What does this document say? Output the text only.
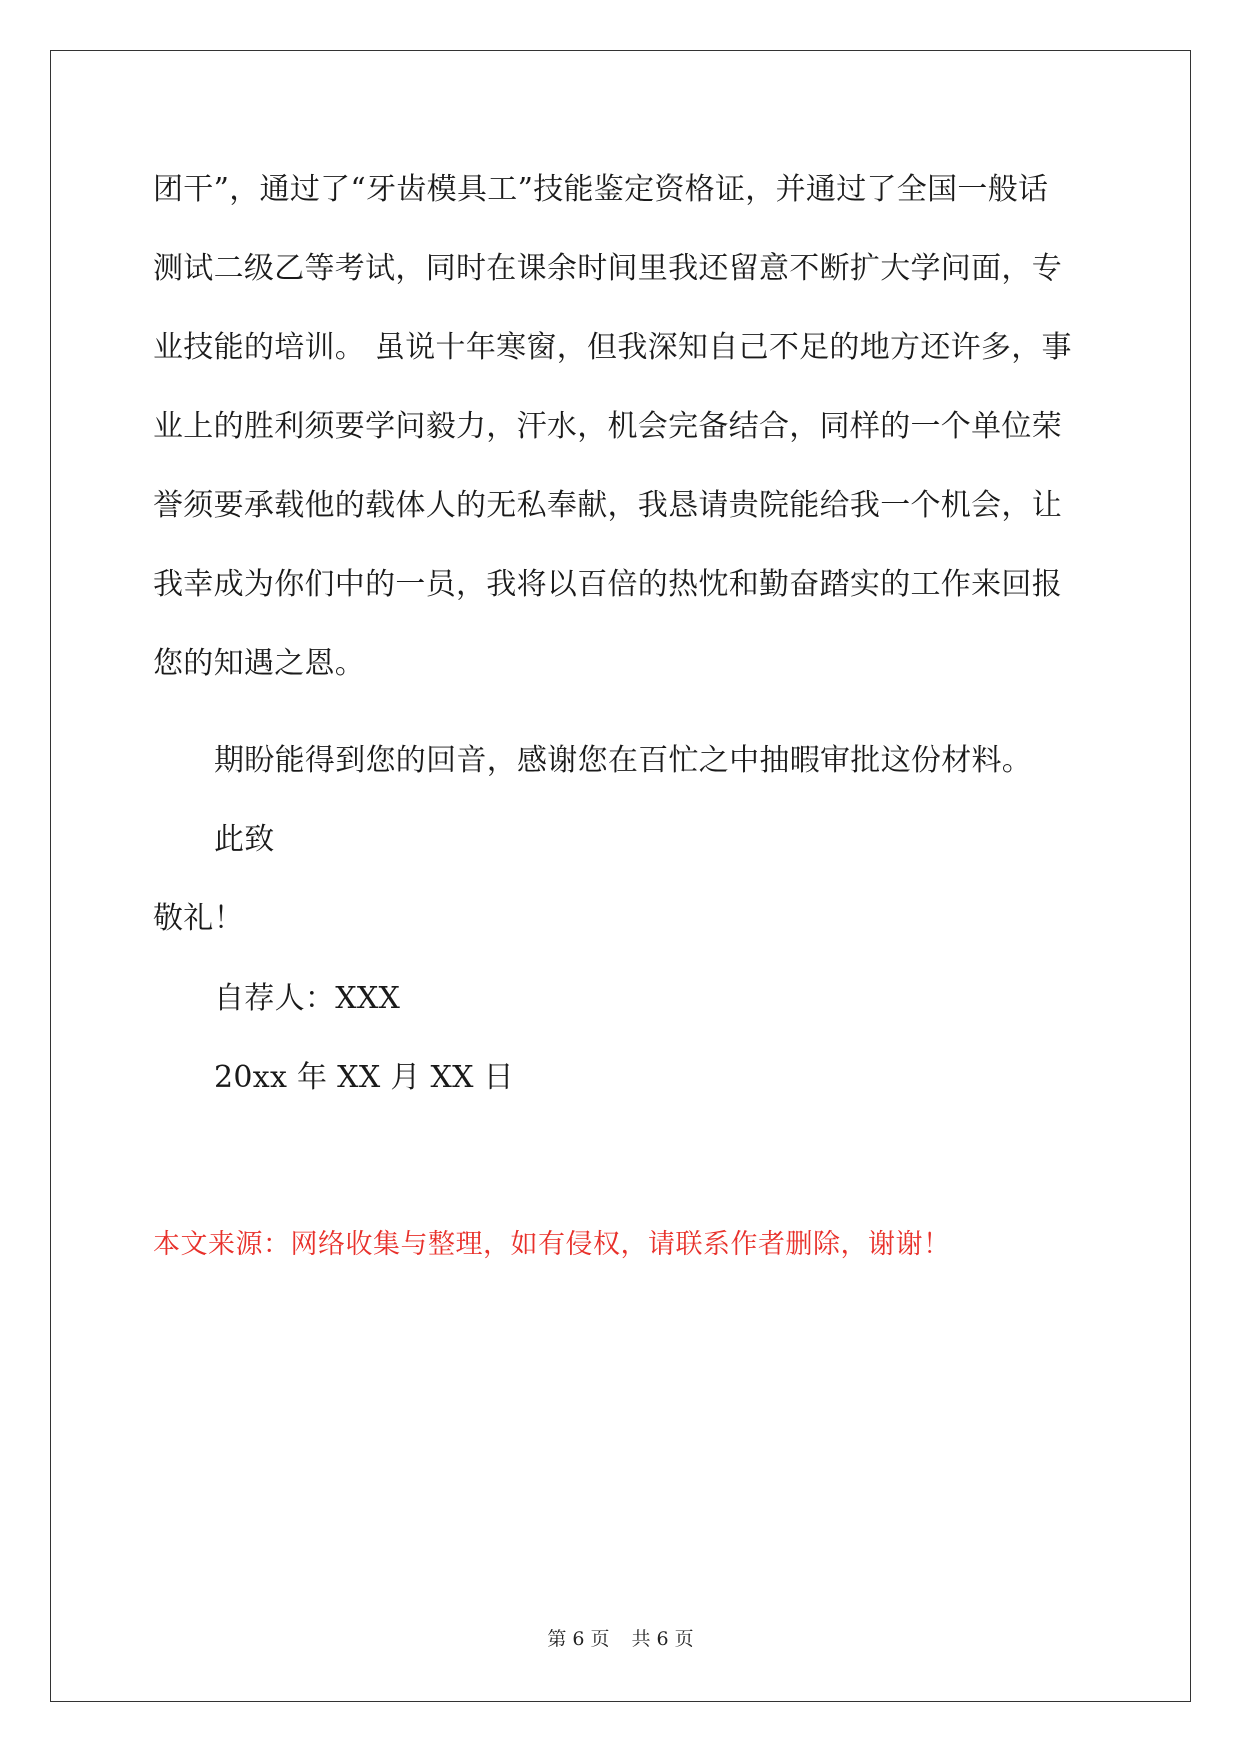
团干”，通过了“牙齿模具工”技能鉴定资格证，并通过了全国一般话
测试二级乙等考试，同时在课余时间里我还留意不断扩大学问面，专
业技能的培训。 虽说十年寒窗，但我深知自己不足的地方还许多，事
业上的胜利须要学问毅力，汗水，机会完备结合，同样的一个单位荣
誉须要承载他的载体人的无私奉献，我恳请贵院能给我一个机会，让
我幸成为你们中的一员，我将以百倍的热忱和勤奋踏实的工作来回报
您的知遇之恩。
期盼能得到您的回音，感谢您在百忙之中抽暇审批这份材料。
此致
敬礼！
自荐人：XXX
20xx 年 XX 月 XX 日
本文来源：网络收集与整理，如有侵权，请联系作者删除，谢谢！
第 6 页 共 6 页
